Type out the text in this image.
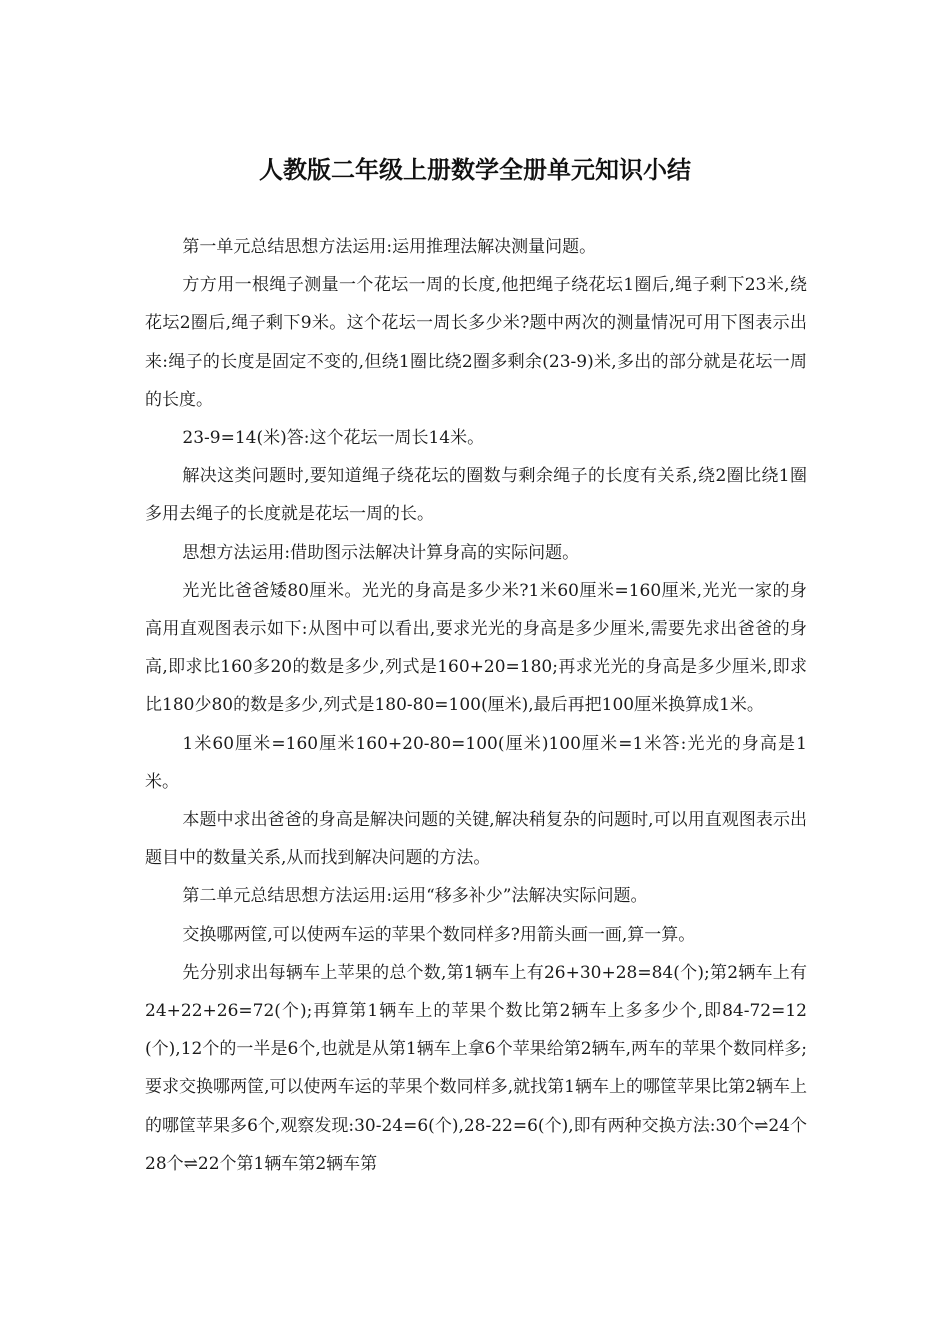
人教版二年级上册数学全册单元知识小结

第一单元总结思想方法运用:运用推理法解决测量问题。

方方用一根绳子测量一个花坛一周的长度,他把绳子绕花坛1圈后,绳子剩下23米,绕花坛2圈后,绳子剩下9米。这个花坛一周长多少米?题中两次的测量情况可用下图表示出来:绳子的长度是固定不变的,但绕1圈比绕2圈多剩余(23-9)米,多出的部分就是花坛一周的长度。

23-9=14(米)答:这个花坛一周长14米。

解决这类问题时,要知道绳子绕花坛的圈数与剩余绳子的长度有关系,绕2圈比绕1圈多用去绳子的长度就是花坛一周的长。

思想方法运用:借助图示法解决计算身高的实际问题。

光光比爸爸矮80厘米。光光的身高是多少米?1米60厘米=160厘米,光光一家的身高用直观图表示如下:从图中可以看出,要求光光的身高是多少厘米,需要先求出爸爸的身高,即求比160多20的数是多少,列式是160+20=180;再求光光的身高是多少厘米,即求比180少80的数是多少,列式是180-80=100(厘米),最后再把100厘米换算成1米。

1米60厘米=160厘米160+20-80=100(厘米)100厘米=1米答:光光的身高是1米。

本题中求出爸爸的身高是解决问题的关键,解决稍复杂的问题时,可以用直观图表示出题目中的数量关系,从而找到解决问题的方法。

第二单元总结思想方法运用:运用“移多补少”法解决实际问题。

交换哪两筐,可以使两车运的苹果个数同样多?用箭头画一画,算一算。

先分别求出每辆车上苹果的总个数,第1辆车上有26+30+28=84(个);第2辆车上有24+22+26=72(个);再算第1辆车上的苹果个数比第2辆车上多多少个,即84-72=12(个),12个的一半是6个,也就是从第1辆车上拿6个苹果给第2辆车,两车的苹果个数同样多;要求交换哪两筐,可以使两车运的苹果个数同样多,就找第1辆车上的哪筐苹果比第2辆车上的哪筐苹果多6个,观察发现:30-24=6(个),28-22=6(个),即有两种交换方法:30个⇌24个28个⇌22个第1辆车第2辆车第
